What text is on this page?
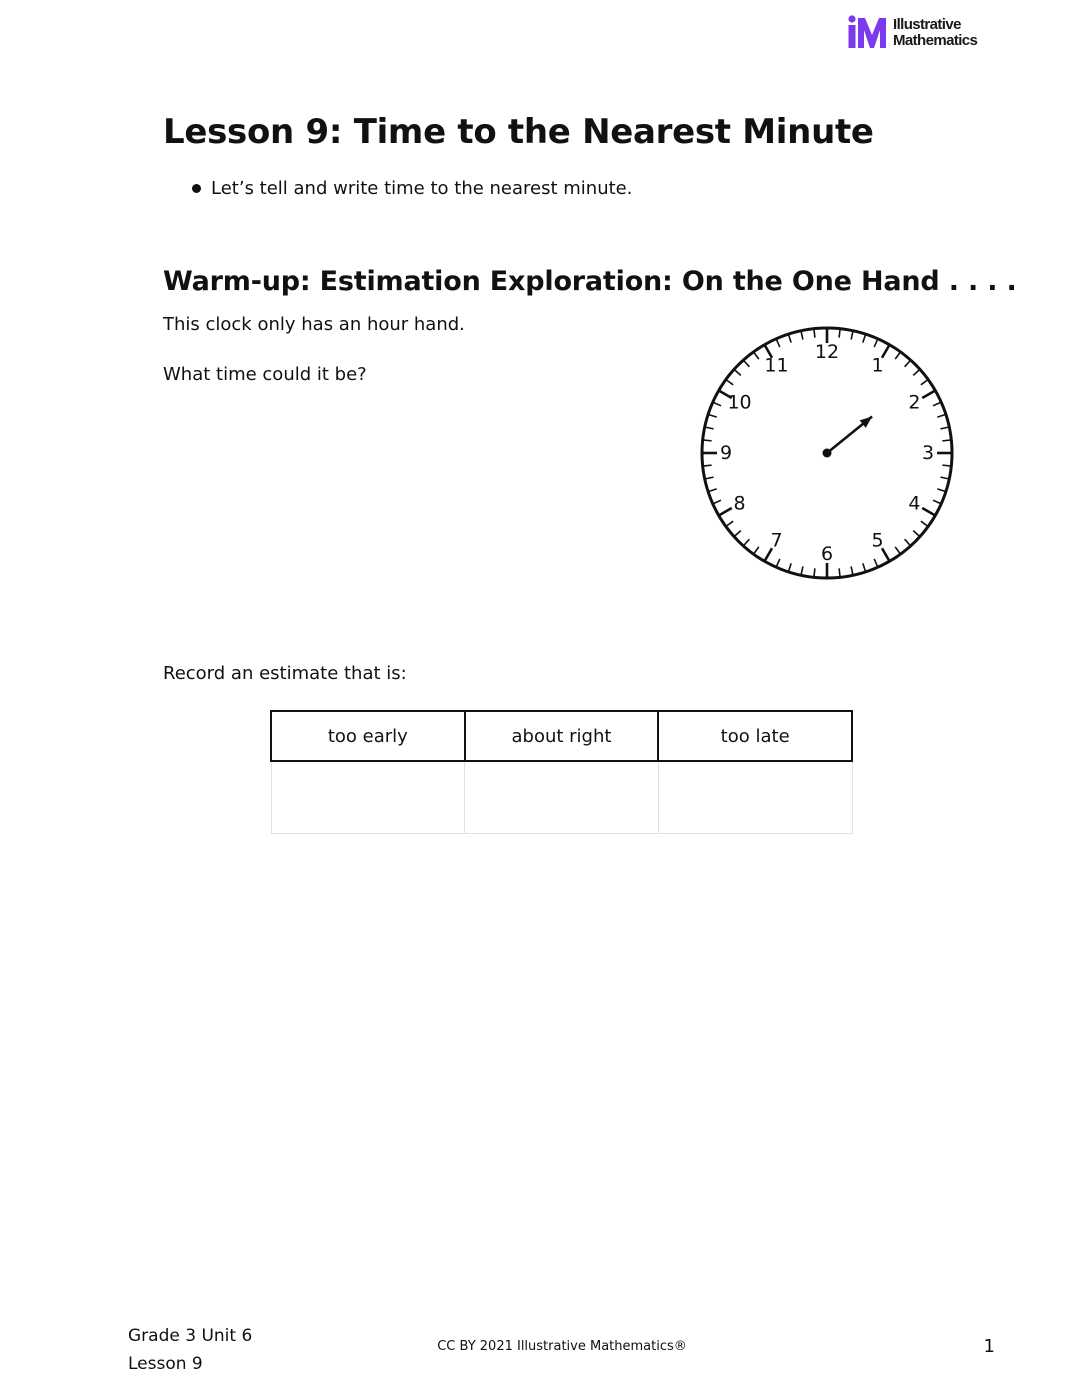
Illustrative
Mathematics
Lesson 9: Time to the Nearest Minute
Let’s tell and write time to the nearest minute.
Warm-up: Estimation Exploration: On the One Hand . . . .

This clock only has an hour hand.

What time could it be?

12
1
2
3
4
5
6
7
8
9
10
11

Record an estimate that is:

too early	about right	too late

Grade 3 Unit 6
Lesson 9
CC BY 2021 Illustrative Mathematics®	1
